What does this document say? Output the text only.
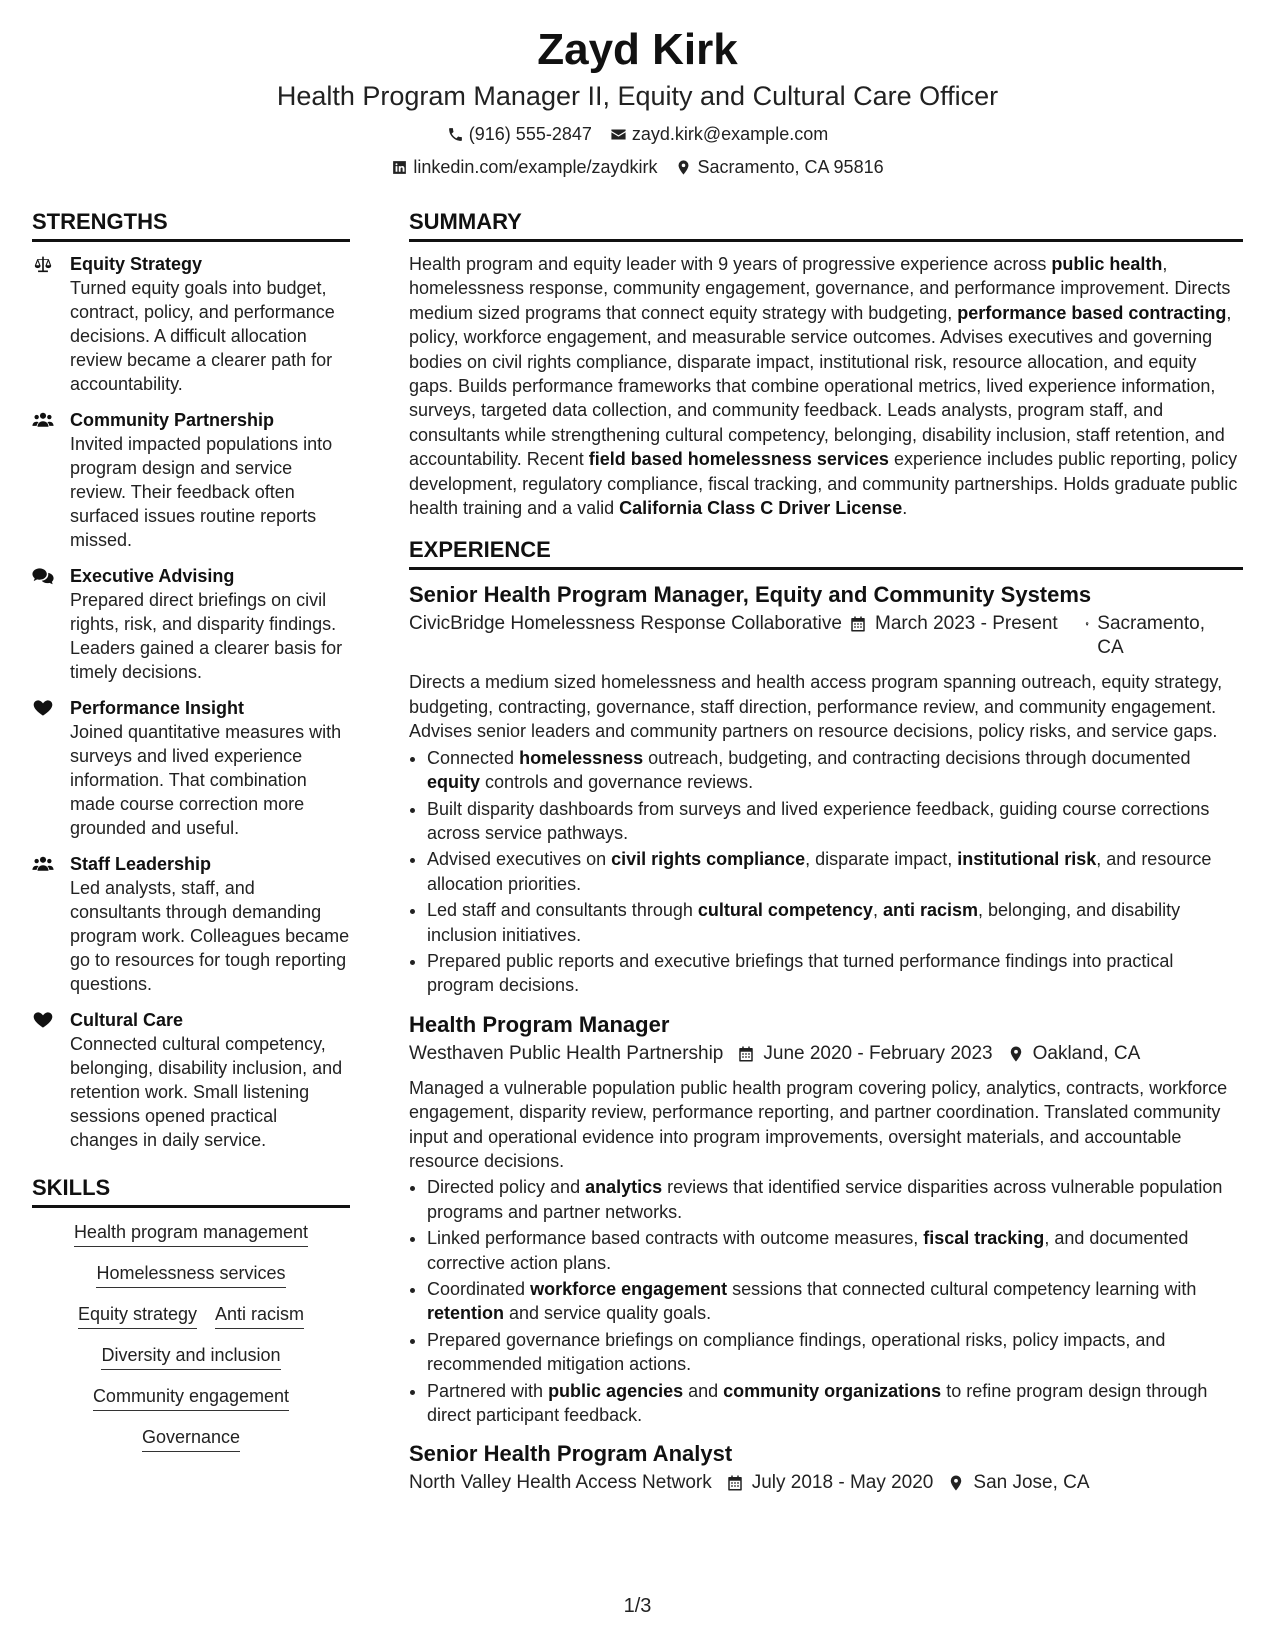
Zayd Kirk
Health Program Manager II, Equity and Cultural Care Officer
(916) 555-2847 zayd.kirk@example.com
linkedin.com/example/zaydkirk Sacramento, CA 95816
STRENGTHS
Equity Strategy
Turned equity goals into budget, contract, policy, and performance decisions. A difficult allocation review became a clearer path for accountability.
Community Partnership
Invited impacted populations into program design and service review. Their feedback often surfaced issues routine reports missed.
Executive Advising
Prepared direct briefings on civil rights, risk, and disparity findings. Leaders gained a clearer basis for timely decisions.
Performance Insight
Joined quantitative measures with surveys and lived experience information. That combination made course correction more grounded and useful.
Staff Leadership
Led analysts, staff, and consultants through demanding program work. Colleagues became go to resources for tough reporting questions.
Cultural Care
Connected cultural competency, belonging, disability inclusion, and retention work. Small listening sessions opened practical changes in daily service.
SKILLS
Health program management
Homelessness services
Equity strategy Anti racism
Diversity and inclusion
Community engagement
Governance
SUMMARY
Health program and equity leader with 9 years of progressive experience across public health, homelessness response, community engagement, governance, and performance improvement. Directs medium sized programs that connect equity strategy with budgeting, performance based contracting, policy, workforce engagement, and measurable service outcomes. Advises executives and governing bodies on civil rights compliance, disparate impact, institutional risk, resource allocation, and equity gaps. Builds performance frameworks that combine operational metrics, lived experience information, surveys, targeted data collection, and community feedback. Leads analysts, program staff, and consultants while strengthening cultural competency, belonging, disability inclusion, staff retention, and accountability. Recent field based homelessness services experience includes public reporting, policy development, regulatory compliance, fiscal tracking, and community partnerships. Holds graduate public health training and a valid California Class C Driver License.
EXPERIENCE
Senior Health Program Manager, Equity and Community Systems
CivicBridge Homelessness Response Collaborative	March 2023 - Present Sacramento, CA
Directs a medium sized homelessness and health access program spanning outreach, equity strategy, budgeting, contracting, governance, staff direction, performance review, and community engagement. Advises senior leaders and community partners on resource decisions, policy risks, and service gaps.
• Connected homelessness outreach, budgeting, and contracting decisions through documented equity controls and governance reviews.
• Built disparity dashboards from surveys and lived experience feedback, guiding course corrections across service pathways.
• Advised executives on civil rights compliance, disparate impact, institutional risk, and resource allocation priorities.
• Led staff and consultants through cultural competency, anti racism, belonging, and disability inclusion initiatives.
• Prepared public reports and executive briefings that turned performance findings into practical program decisions.
Health Program Manager
Westhaven Public Health Partnership June 2020 - February 2023 Oakland, CA
Managed a vulnerable population public health program covering policy, analytics, contracts, workforce engagement, disparity review, performance reporting, and partner coordination. Translated community input and operational evidence into program improvements, oversight materials, and accountable resource decisions.
• Directed policy and analytics reviews that identified service disparities across vulnerable population programs and partner networks.
• Linked performance based contracts with outcome measures, fiscal tracking, and documented corrective action plans.
• Coordinated workforce engagement sessions that connected cultural competency learning with retention and service quality goals.
• Prepared governance briefings on compliance findings, operational risks, policy impacts, and recommended mitigation actions.
• Partnered with public agencies and community organizations to refine program design through direct participant feedback.
Senior Health Program Analyst
North Valley Health Access Network July 2018 - May 2020 San Jose, CA
1/3
